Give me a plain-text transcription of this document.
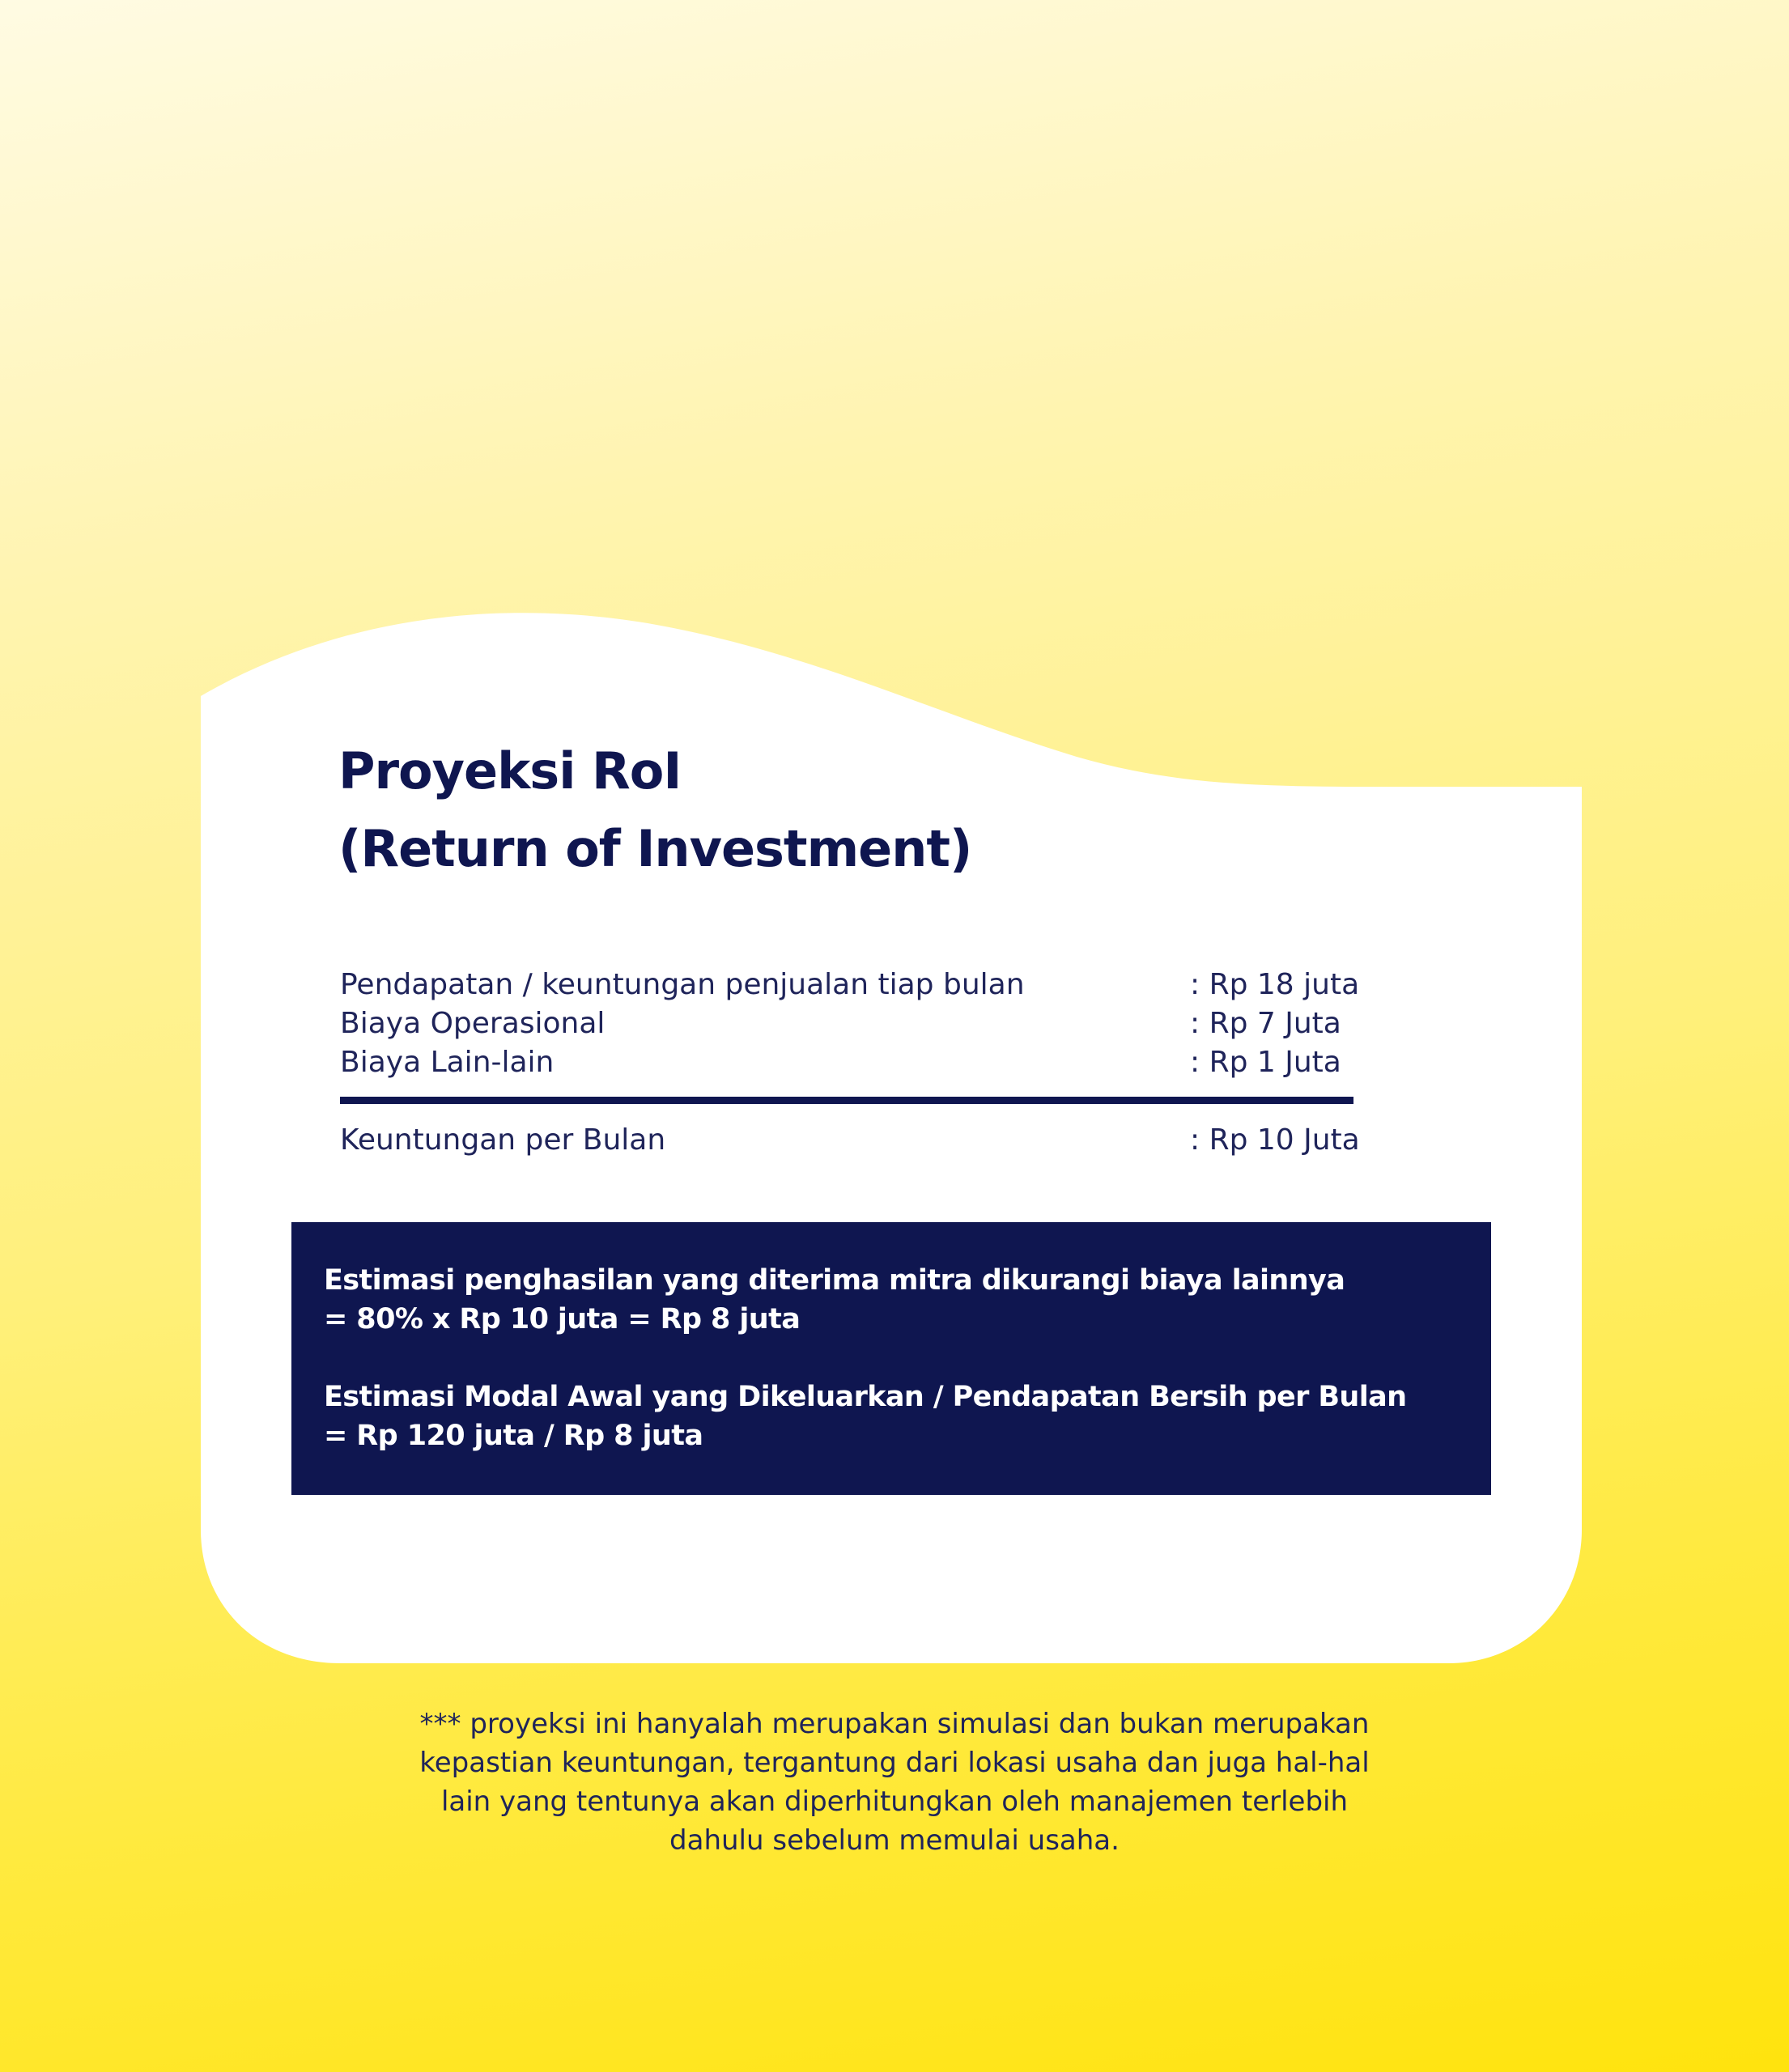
Proyeksi RoI
(Return of Investment)
Pendapatan / keuntungan penjualan tiap bulan	: Rp 18 juta
Biaya Operasional	: Rp 7 Juta
Biaya Lain-lain	: Rp 1 Juta
Keuntungan per Bulan	: Rp 10 Juta
Estimasi penghasilan yang diterima mitra dikurangi biaya lainnya
= 80% x Rp 10 juta = Rp 8 juta
Estimasi Modal Awal yang Dikeluarkan / Pendapatan Bersih per Bulan
= Rp 120 juta / Rp 8 juta
*** proyeksi ini hanyalah merupakan simulasi dan bukan merupakan
kepastian keuntungan, tergantung dari lokasi usaha dan juga hal-hal
lain yang tentunya akan diperhitungkan oleh manajemen terlebih
dahulu sebelum memulai usaha.
